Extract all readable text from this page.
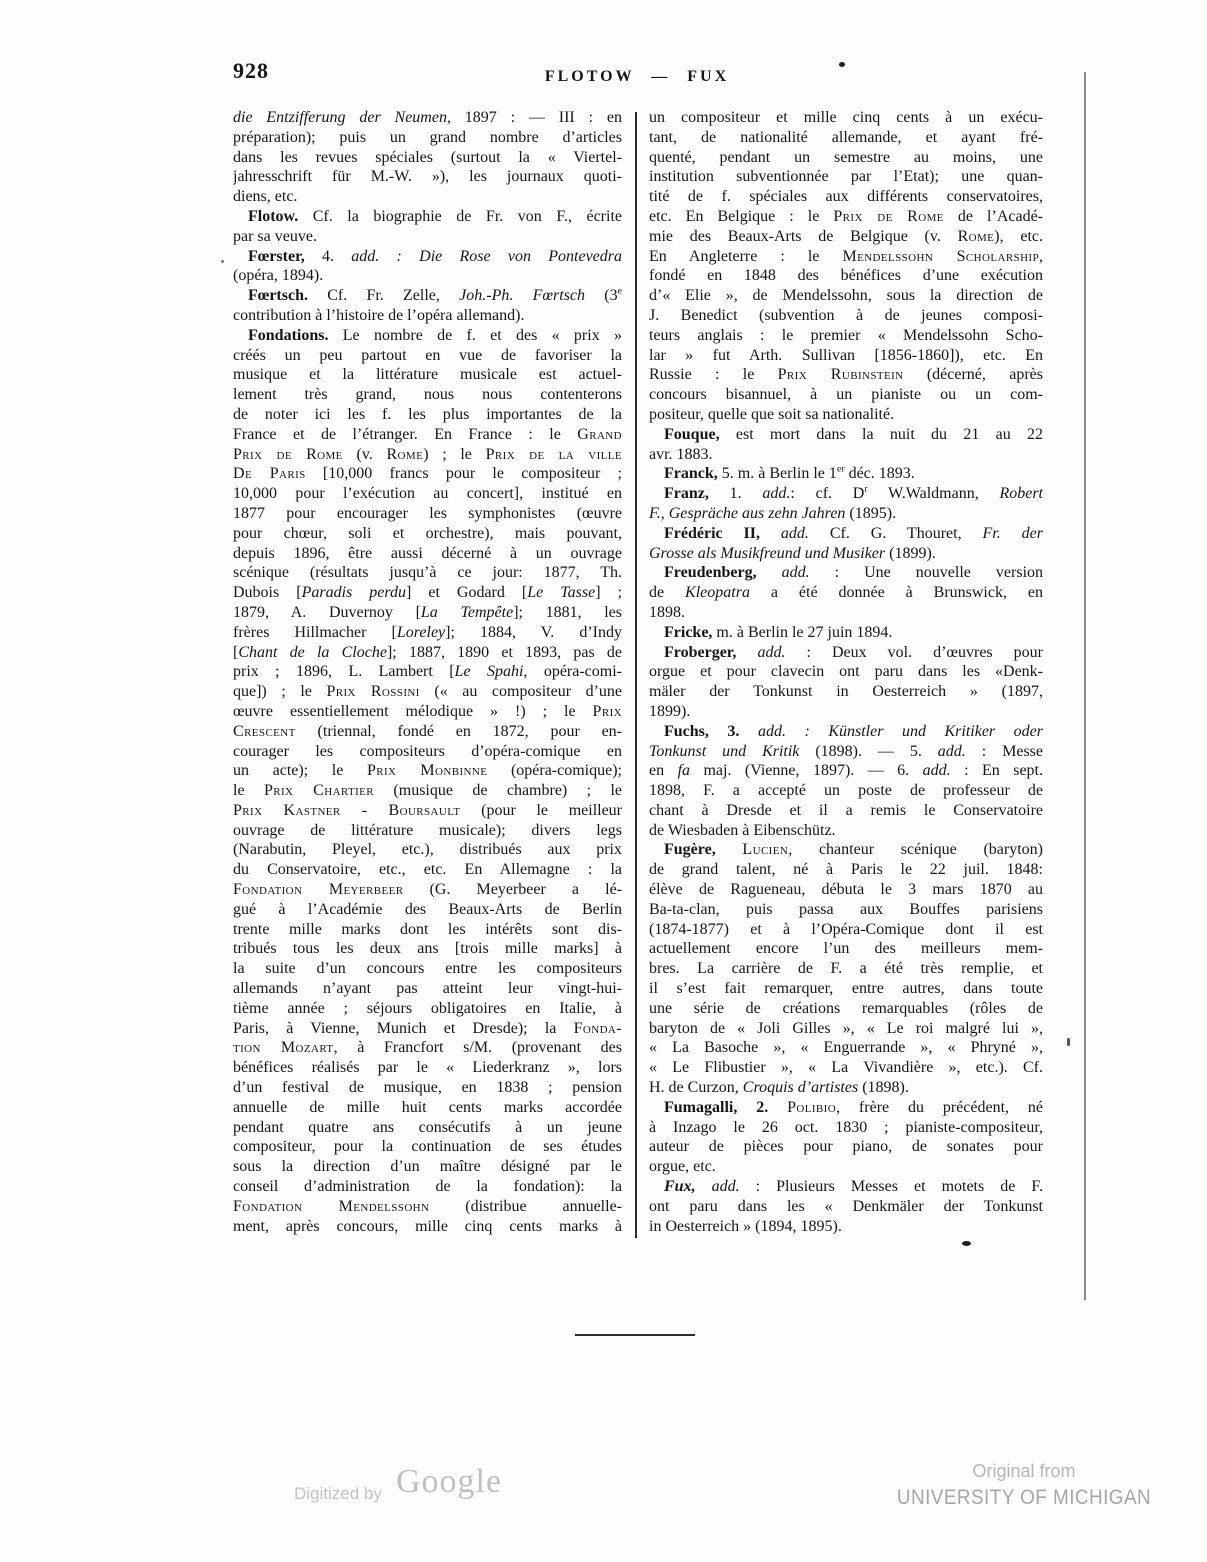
928	FLOTOW — FUX
die Entzifferung der Neumen, 1897 : — III : en
préparation); puis un grand nombre d’articles
dans les revues spéciales (surtout la « Viertel-
jahresschrift für M.-W. »), les journaux quoti-
diens, etc.
Flotow. Cf. la biographie de Fr. von F., écrite
par sa veuve.
Fœrster, 4. add. : Die Rose von Pontevedra
(opéra, 1894).
Fœrtsch. Cf. Fr. Zelle, Joh.-Ph. Fœrtsch (3e
contribution à l’histoire de l’opéra allemand).
Fondations. Le nombre de f. et des « prix »
créés un peu partout en vue de favoriser la
musique et la littérature musicale est actuel-
lement très grand, nous nous contenterons
de noter ici les f. les plus importantes de la
France et de l’étranger. En France : le Grand
Prix de Rome (v. Rome) ; le Prix de la ville
De Paris [10,000 francs pour le compositeur ;
10,000 pour l’exécution au concert], institué en
1877 pour encourager les symphonistes (œuvre
pour chœur, soli et orchestre), mais pouvant,
depuis 1896, être aussi décerné à un ouvrage
scénique (résultats jusqu’à ce jour: 1877, Th.
Dubois [Paradis perdu] et Godard [Le Tasse] ;
1879, A. Duvernoy [La Tempête]; 1881, les
frères Hillmacher [Loreley]; 1884, V. d’Indy
[Chant de la Cloche]; 1887, 1890 et 1893, pas de
prix ; 1896, L. Lambert [Le Spahi, opéra-comi-
que]) ; le Prix Rossini (« au compositeur d’une
œuvre essentiellement mélodique » !) ; le Prix
Crescent (triennal, fondé en 1872, pour en-
courager les compositeurs d’opéra-comique en
un acte); le Prix Monbinne (opéra-comique);
le Prix Chartier (musique de chambre) ; le
Prix Kastner - Boursault (pour le meilleur
ouvrage de littérature musicale); divers legs
(Narabutin, Pleyel, etc.), distribués aux prix
du Conservatoire, etc., etc. En Allemagne : la
Fondation Meyerbeer (G. Meyerbeer a lé-
gué à l’Académie des Beaux-Arts de Berlin
trente mille marks dont les intérêts sont dis-
tribués tous les deux ans [trois mille marks] à
la suite d’un concours entre les compositeurs
allemands n’ayant pas atteint leur vingt-hui-
tième année ; séjours obligatoires en Italie, à
Paris, à Vienne, Munich et Dresde); la Fonda-
tion Mozart, à Francfort s/M. (provenant des
bénéfices réalisés par le « Liederkranz », lors
d’un festival de musique, en 1838 ; pension
annuelle de mille huit cents marks accordée
pendant quatre ans consécutifs à un jeune
compositeur, pour la continuation de ses études
sous la direction d’un maître désigné par le
conseil d’administration de la fondation): la
Fondation Mendelssohn (distribue annuelle-
ment, après concours, mille cinq cents marks à
un compositeur et mille cinq cents à un exécu-
tant, de nationalité allemande, et ayant fré-
quenté, pendant un semestre au moins, une
institution subventionnée par l’Etat); une quan-
tité de f. spéciales aux différents conservatoires,
etc. En Belgique : le Prix de Rome de l’Acadé-
mie des Beaux-Arts de Belgique (v. Rome), etc.
En Angleterre : le Mendelssohn Scholarship,
fondé en 1848 des bénéfices d’une exécution
d’« Elie », de Mendelssohn, sous la direction de
J. Benedict (subvention à de jeunes composi-
teurs anglais : le premier « Mendelssohn Scho-
lar » fut Arth. Sullivan [1856-1860]), etc. En
Russie : le Prix Rubinstein (décerné, après
concours bisannuel, à un pianiste ou un com-
positeur, quelle que soit sa nationalité.
Fouque, est mort dans la nuit du 21 au 22
avr. 1883.
Franck, 5. m. à Berlin le 1er déc. 1893.
Franz, 1. add.: cf. $D^r$ W.Waldmann, Robert
F., Gespräche aus zehn Jahren (1895).
Frédéric II, add. Cf. G. Thouret, Fr. der
Grosse als Musikfreund und Musiker (1899).
Freudenberg, add. : Une nouvelle version
de Kleopatra a été donnée à Brunswick, en
1898.
Fricke, m. à Berlin le 27 juin 1894.
Froberger, add. : Deux vol. d’œuvres pour
orgue et pour clavecin ont paru dans les «Denk-
mäler der Tonkunst in Oesterreich » (1897,
1899).
Fuchs, 3. add. : Künstler und Kritiker oder
Tonkunst und Kritik (1898). — 5. add. : Messe
en fa maj. (Vienne, 1897). — 6. add. : En sept.
1898, F. a accepté un poste de professeur de
chant à Dresde et il a remis le Conservatoire
de Wiesbaden à Eibenschütz.
Fugère, Lucien, chanteur scénique (baryton)
de grand talent, né à Paris le 22 juil. 1848:
élève de Ragueneau, débuta le 3 mars 1870 au
Ba-ta-clan, puis passa aux Bouffes parisiens
(1874-1877) et à l’Opéra-Comique dont il est
actuellement encore l’un des meilleurs mem-
bres. La carrière de F. a été très remplie, et
il s’est fait remarquer, entre autres, dans toute
une série de créations remarquables (rôles de
baryton de « Joli Gilles », « Le roi malgré lui »,
« La Basoche », « Enguerrande », « Phryné »,
« Le Flibustier », « La Vivandière », etc.). Cf.
H. de Curzon, Croquis d’artistes (1898).
Fumagalli, 2. Polibio, frère du précédent, né
à Inzago le 26 oct. 1830 ; pianiste-compositeur,
auteur de pièces pour piano, de sonates pour
orgue, etc.
Fux, add. : Plusieurs Messes et motets de F.
ont paru dans les « Denkmäler der Tonkunst
in Oesterreich » (1894, 1895).
Digitized by Google	Original from
UNIVERSITY OF MICHIGAN
